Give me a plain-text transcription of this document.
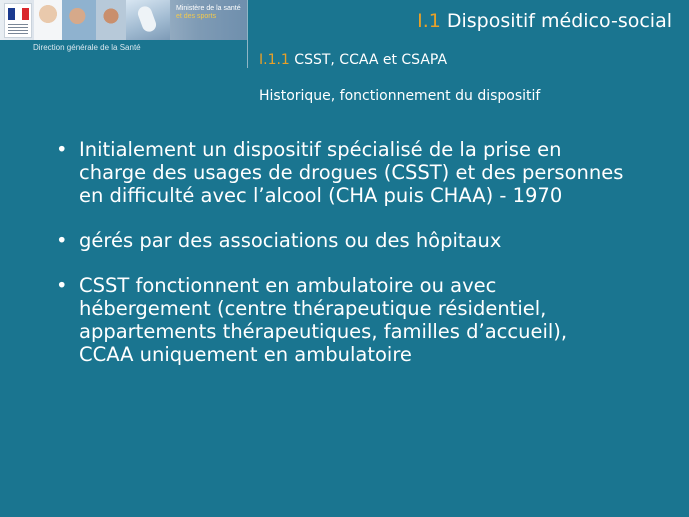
Ministère de la santé
et des sports
Direction générale de la Santé
I.1 Dispositif médico-social
I.1.1 CSST, CCAA et CSAPA
Historique, fonctionnement du dispositif
• Initialement un dispositif spécialisé de la prise en charge des usages de drogues (CSST) et des personnes en difficulté avec l’alcool (CHA puis CHAA) - 1970
• gérés par des associations ou des hôpitaux
• CSST fonctionnent en ambulatoire ou avec hébergement (centre thérapeutique résidentiel, appartements thérapeutiques, familles d’accueil), CCAA uniquement en ambulatoire
